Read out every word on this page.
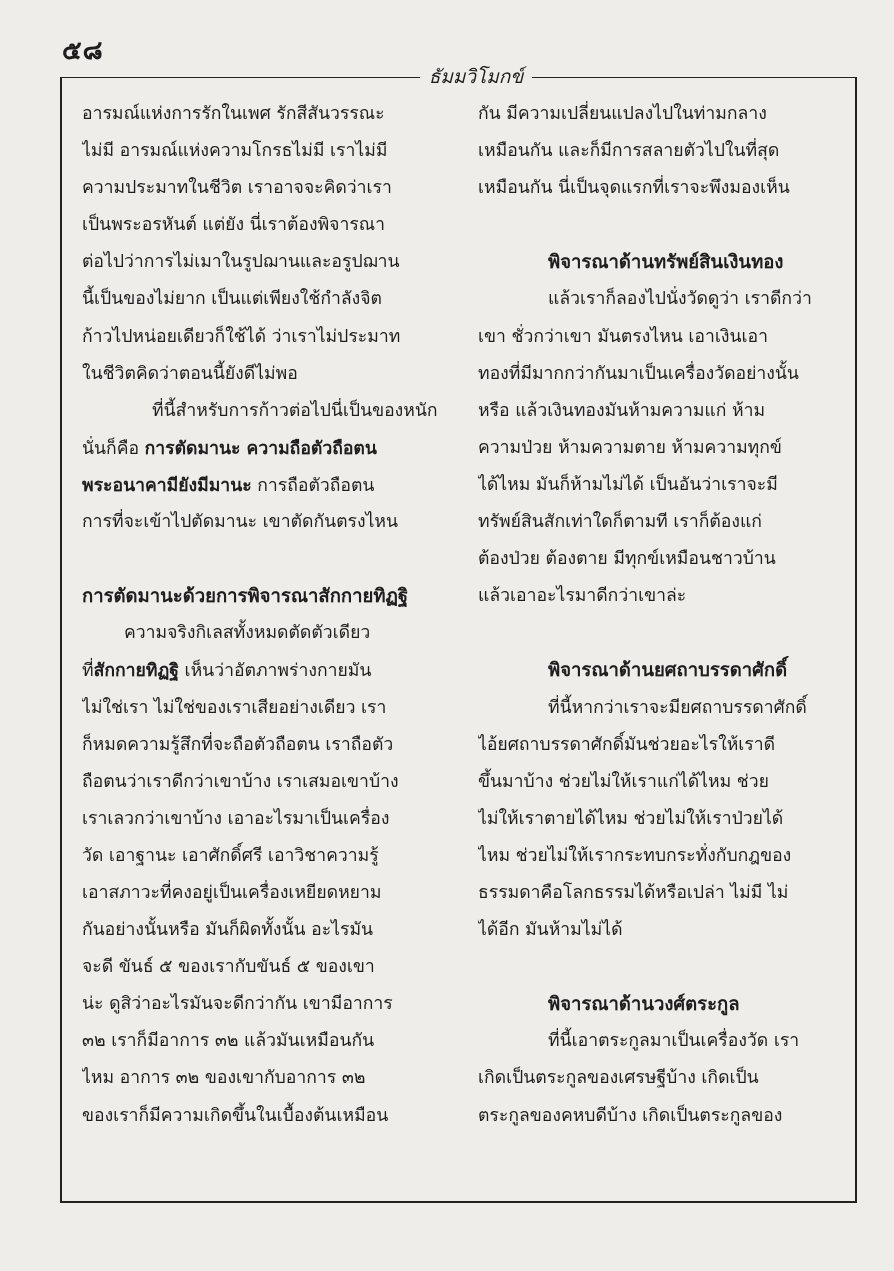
๕๘
ธัมมวิโมกข์
อารมณ์แห่งการรักในเพศ รักสีสันวรรณะ
ไม่มี อารมณ์แห่งความโกรธไม่มี เราไม่มี
ความประมาทในชีวิต เราอาจจะคิดว่าเรา
เป็นพระอรหันต์ แต่ยัง นี่เราต้องพิจารณา
ต่อไปว่าการไม่เมาในรูปฌานและอรูปฌาน
นี้เป็นของไม่ยาก เป็นแต่เพียงใช้กำลังจิต
ก้าวไปหน่อยเดียวก็ใช้ได้ ว่าเราไม่ประมาท
ในชีวิตคิดว่าตอนนี้ยังดีไม่พอ
ที่นี้สำหรับการก้าวต่อไปนี่เป็นของหนัก
นั่นก็คือ การตัดมานะ ความถือตัวถือตน
พระอนาคามียังมีมานะ การถือตัวถือตน
การที่จะเข้าไปตัดมานะ เขาตัดกันตรงไหน
การตัดมานะด้วยการพิจารณาสักกายทิฏฐิ
ความจริงกิเลสทั้งหมดตัดตัวเดียว
ที่สักกายทิฏฐิ เห็นว่าอัตภาพร่างกายมัน
ไม่ใช่เรา ไม่ใช่ของเราเสียอย่างเดียว เรา
ก็หมดความรู้สึกที่จะถือตัวถือตน เราถือตัว
ถือตนว่าเราดีกว่าเขาบ้าง เราเสมอเขาบ้าง
เราเลวกว่าเขาบ้าง เอาอะไรมาเป็นเครื่อง
วัด เอาฐานะ เอาศักดิ์ศรี เอาวิชาความรู้
เอาสภาวะที่คงอยู่เป็นเครื่องเหยียดหยาม
กันอย่างนั้นหรือ มันก็ผิดทั้งนั้น อะไรมัน
จะดี ขันธ์ ๕ ของเรากับขันธ์ ๕ ของเขา
น่ะ ดูสิว่าอะไรมันจะดีกว่ากัน เขามีอาการ
๓๒ เราก็มีอาการ ๓๒ แล้วมันเหมือนกัน
ไหม อาการ ๓๒ ของเขากับอาการ ๓๒
ของเราก็มีความเกิดขึ้นในเบื้องต้นเหมือน
กัน มีความเปลี่ยนแปลงไปในท่ามกลาง
เหมือนกัน และก็มีการสลายตัวไปในที่สุด
เหมือนกัน นี่เป็นจุดแรกที่เราจะพึงมองเห็น
พิจารณาด้านทรัพย์สินเงินทอง
แล้วเราก็ลองไปนั่งวัดดูว่า เราดีกว่า
เขา ชั่วกว่าเขา มันตรงไหน เอาเงินเอา
ทองที่มีมากกว่ากันมาเป็นเครื่องวัดอย่างนั้น
หรือ แล้วเงินทองมันห้ามความแก่ ห้าม
ความป่วย ห้ามความตาย ห้ามความทุกข์
ได้ไหม มันก็ห้ามไม่ได้ เป็นอันว่าเราจะมี
ทรัพย์สินสักเท่าใดก็ตามที เราก็ต้องแก่
ต้องป่วย ต้องตาย มีทุกข์เหมือนชาวบ้าน
แล้วเอาอะไรมาดีกว่าเขาล่ะ
พิจารณาด้านยศถาบรรดาศักดิ์
ที่นี้หากว่าเราจะมียศถาบรรดาศักดิ์
ไอ้ยศถาบรรดาศักดิ์มันช่วยอะไรให้เราดี
ขึ้นมาบ้าง ช่วยไม่ให้เราแก่ได้ไหม ช่วย
ไม่ให้เราตายได้ไหม ช่วยไม่ให้เราป่วยได้
ไหม ช่วยไม่ให้เรากระทบกระทั่งกับกฎของ
ธรรมดาคือโลกธรรมได้หรือเปล่า ไม่มี ไม่
ได้อีก มันห้ามไม่ได้
พิจารณาด้านวงศ์ตระกูล
ที่นี้เอาตระกูลมาเป็นเครื่องวัด เรา
เกิดเป็นตระกูลของเศรษฐีบ้าง เกิดเป็น
ตระกูลของคหบดีบ้าง เกิดเป็นตระกูลของ
